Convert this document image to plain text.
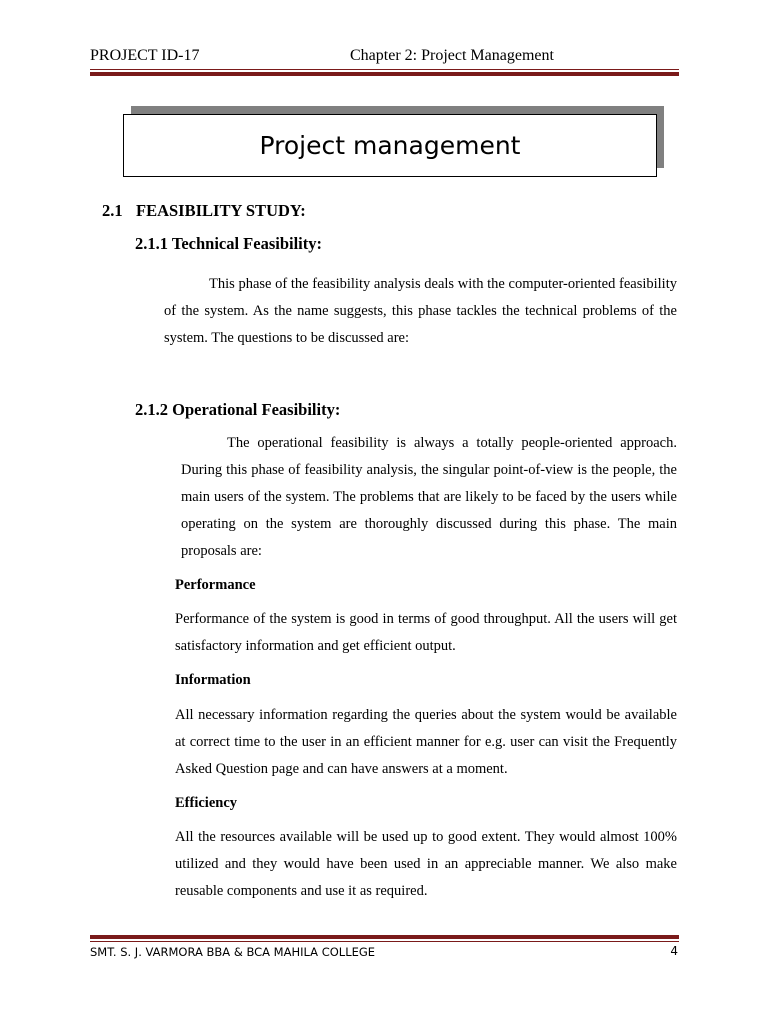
PROJECT ID-17	Chapter 2: Project Management
Project management
2.1 FEASIBILITY STUDY:
2.1.1 Technical Feasibility:
This phase of the feasibility analysis deals with the computer-oriented feasibility of the system. As the name suggests, this phase tackles the technical problems of the system. The questions to be discussed are:
2.1.2 Operational Feasibility:
The operational feasibility is always a totally people-oriented approach. During this phase of feasibility analysis, the singular point-of-view is the people, the main users of the system. The problems that are likely to be faced by the users while operating on the system are thoroughly discussed during this phase. The main proposals are:
Performance
Performance of the system is good in terms of good throughput. All the users will get satisfactory information and get efficient output.
Information
All necessary information regarding the queries about the system would be available at correct time to the user in an efficient manner for e.g. user can visit the Frequently Asked Question page and can have answers at a moment.
Efficiency
All the resources available will be used up to good extent. They would almost 100% utilized and they would have been used in an appreciable manner. We also make reusable components and use it as required.
SMT. S. J. VARMORA BBA & BCA MAHILA COLLEGE	4
